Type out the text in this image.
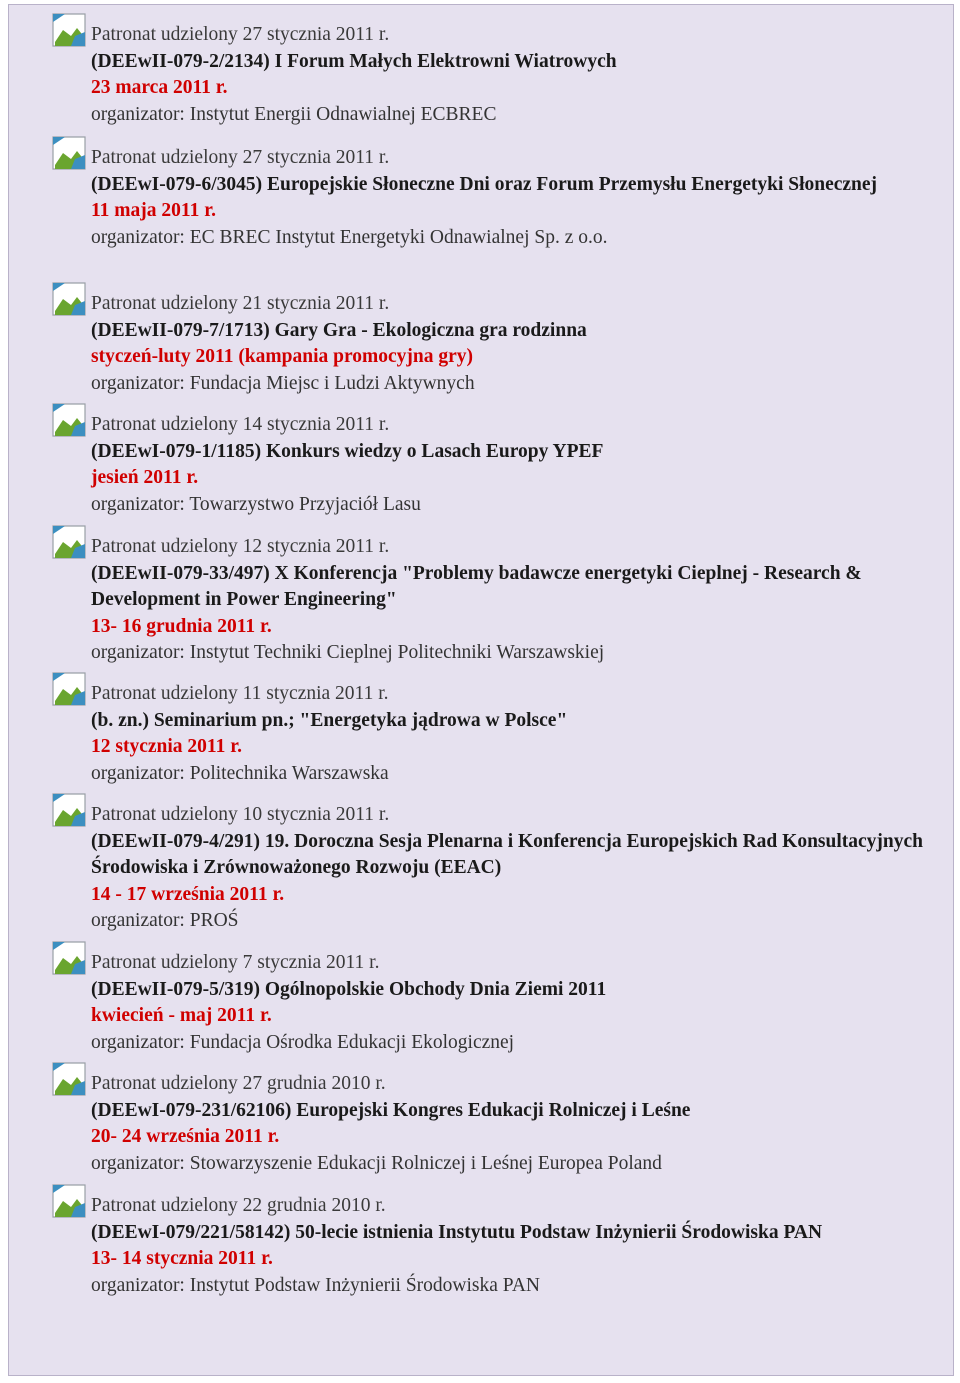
Patronat udzielony 27 stycznia 2011 r.
(DEEwII-079-2/2134) I Forum Małych Elektrowni Wiatrowych
23 marca 2011 r.
organizator: Instytut Energii Odnawialnej ECBREC
Patronat udzielony 27 stycznia 2011 r.
(DEEwI-079-6/3045) Europejskie Słoneczne Dni oraz Forum Przemysłu Energetyki Słonecznej
11 maja 2011 r.
organizator: EC BREC Instytut Energetyki Odnawialnej Sp. z o.o.
Patronat udzielony 21 stycznia 2011 r.
(DEEwII-079-7/1713) Gary Gra - Ekologiczna gra rodzinna
styczeń-luty 2011 (kampania promocyjna gry)
organizator: Fundacja Miejsc i Ludzi Aktywnych
Patronat udzielony 14 stycznia 2011 r.
(DEEwI-079-1/1185) Konkurs wiedzy o Lasach Europy YPEF
jesień 2011 r.
organizator: Towarzystwo Przyjaciół Lasu
Patronat udzielony 12 stycznia 2011 r.
(DEEwII-079-33/497) X Konferencja "Problemy badawcze energetyki Cieplnej - Research & Development in Power Engineering"
13- 16 grudnia 2011 r.
organizator: Instytut Techniki Cieplnej Politechniki Warszawskiej
Patronat udzielony 11 stycznia 2011 r.
(b. zn.) Seminarium pn.; "Energetyka jądrowa w Polsce"
12 stycznia 2011 r.
organizator: Politechnika Warszawska
Patronat udzielony 10 stycznia 2011 r.
(DEEwII-079-4/291) 19. Doroczna Sesja Plenarna i Konferencja Europejskich Rad Konsultacyjnych Środowiska i Zrównoważonego Rozwoju (EEAC)
14 - 17 września 2011 r.
organizator: PROŚ
Patronat udzielony 7 stycznia 2011 r.
(DEEwII-079-5/319) Ogólnopolskie Obchody Dnia Ziemi 2011
kwiecień - maj 2011 r.
organizator: Fundacja Ośrodka Edukacji Ekologicznej
Patronat udzielony 27 grudnia 2010 r.
(DEEwI-079-231/62106) Europejski Kongres Edukacji Rolniczej i Leśne
20- 24 września 2011 r.
organizator: Stowarzyszenie Edukacji Rolniczej i Leśnej Europea Poland
Patronat udzielony 22 grudnia 2010 r.
(DEEwI-079/221/58142) 50-lecie istnienia Instytutu Podstaw Inżynierii Środowiska PAN
13- 14 stycznia 2011 r.
organizator: Instytut Podstaw Inżynierii Środowiska PAN
